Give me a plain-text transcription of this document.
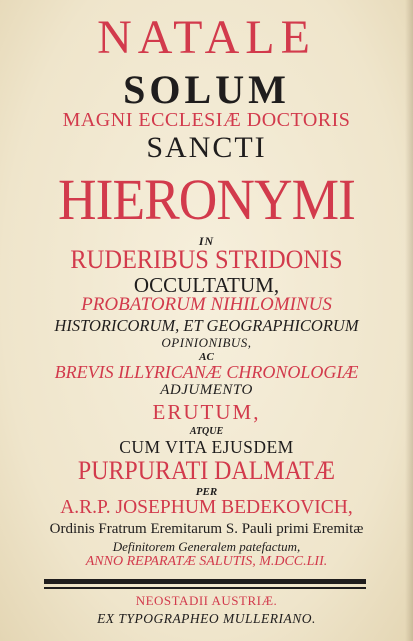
NATALE
SOLUM
MAGNI ECCLESIÆ DOCTORIS
SANCTI
HIERONYMI
IN
RUDERIBUS STRIDONIS
OCCULTATUM,
PROBATORUM NIHILOMINUS
HISTORICORUM, ET GEOGRAPHICORUM
OPINIONIBUS,
AC
BREVIS ILLYRICANÆ CHRONOLOGIÆ
ADJUMENTO
ERUTUM,
ATQUE
CUM VITA EJUSDEM
PURPURATI DALMATÆ
PER
A.R.P. JOSEPHUM BEDEKOVICH,
Ordinis Fratrum Eremitarum S. Pauli primi Eremitæ
Definitorem Generalem patefactum,
ANNO REPARATÆ SALUTIS, M.DCC.LII.
NEOSTADII AUSTRIÆ.
EX TYPOGRAPHEO MULLERIANO.
